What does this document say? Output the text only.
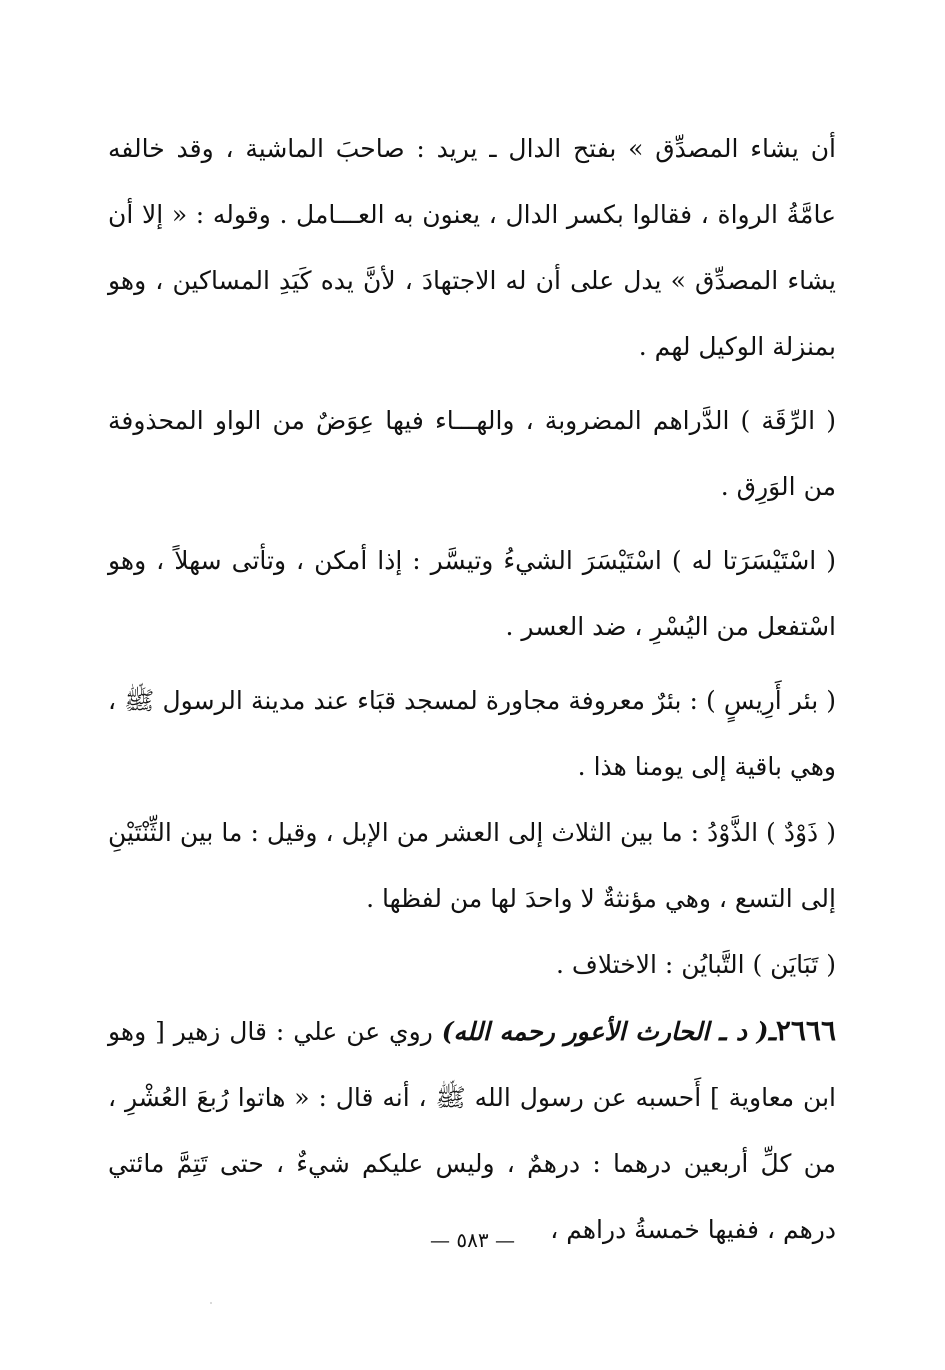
أن يشاء المصدِّق » بفتح الدال ـ يريد : صاحبَ الماشية ، وقد خالفه عامَّةُ الرواة ، فقالوا بكسر الدال ، يعنون به العـــامل . وقوله : « إلا أن يشاء المصدِّق » يدل على أن له الاجتهادَ ، لأنَّ يده كَيَدِ المساكين ، وهو بمنزلة الوكيل لهم .

( الرِّقَة ) الدَّراهم المضروبة ، والهـــاء فيها عِوَضٌ من الواو المحذوفة من الوَرِق .

( اسْتَيْسَرَتا له ) اسْتَيْسَرَ الشيءُ وتيسَّر : إذا أمكن ، وتأتى سهلاً ، وهو اسْتفعل من اليُسْرِ ، ضد العسر .

( بئر أَرِيسٍ ) : بئرٌ معروفة مجاورة لمسجد قبَاء عند مدينة الرسول ﷺ ، وهي باقية إلى يومنا هذا .

( ذَوْدٌ ) الذَّوْدُ : ما بين الثلاث إلى العشر من الإبل ، وقيل : ما بين الثِّنْتَيْنِ إلى التسع ، وهي مؤنثةٌ لا واحدَ لها من لفظها .

( تَبَايَن ) التَّبايُن : الاختلاف .

٢٦٦٦ـ( د ـ الحارث الأعور رحمه الله) روي عن علي : قال زهير [ وهو ابن معاوية ] أَحسبه عن رسول الله ﷺ ، أنه قال : « هاتوا رُبعَ العُشْرِ ، من كلِّ أربعين درهما : درهمٌ ، وليس عليكم شيءٌ ، حتى تَتِمَّ مائتي درهم ، ففيها خمسةُ دراهم ،

— ٥٨٣ —
